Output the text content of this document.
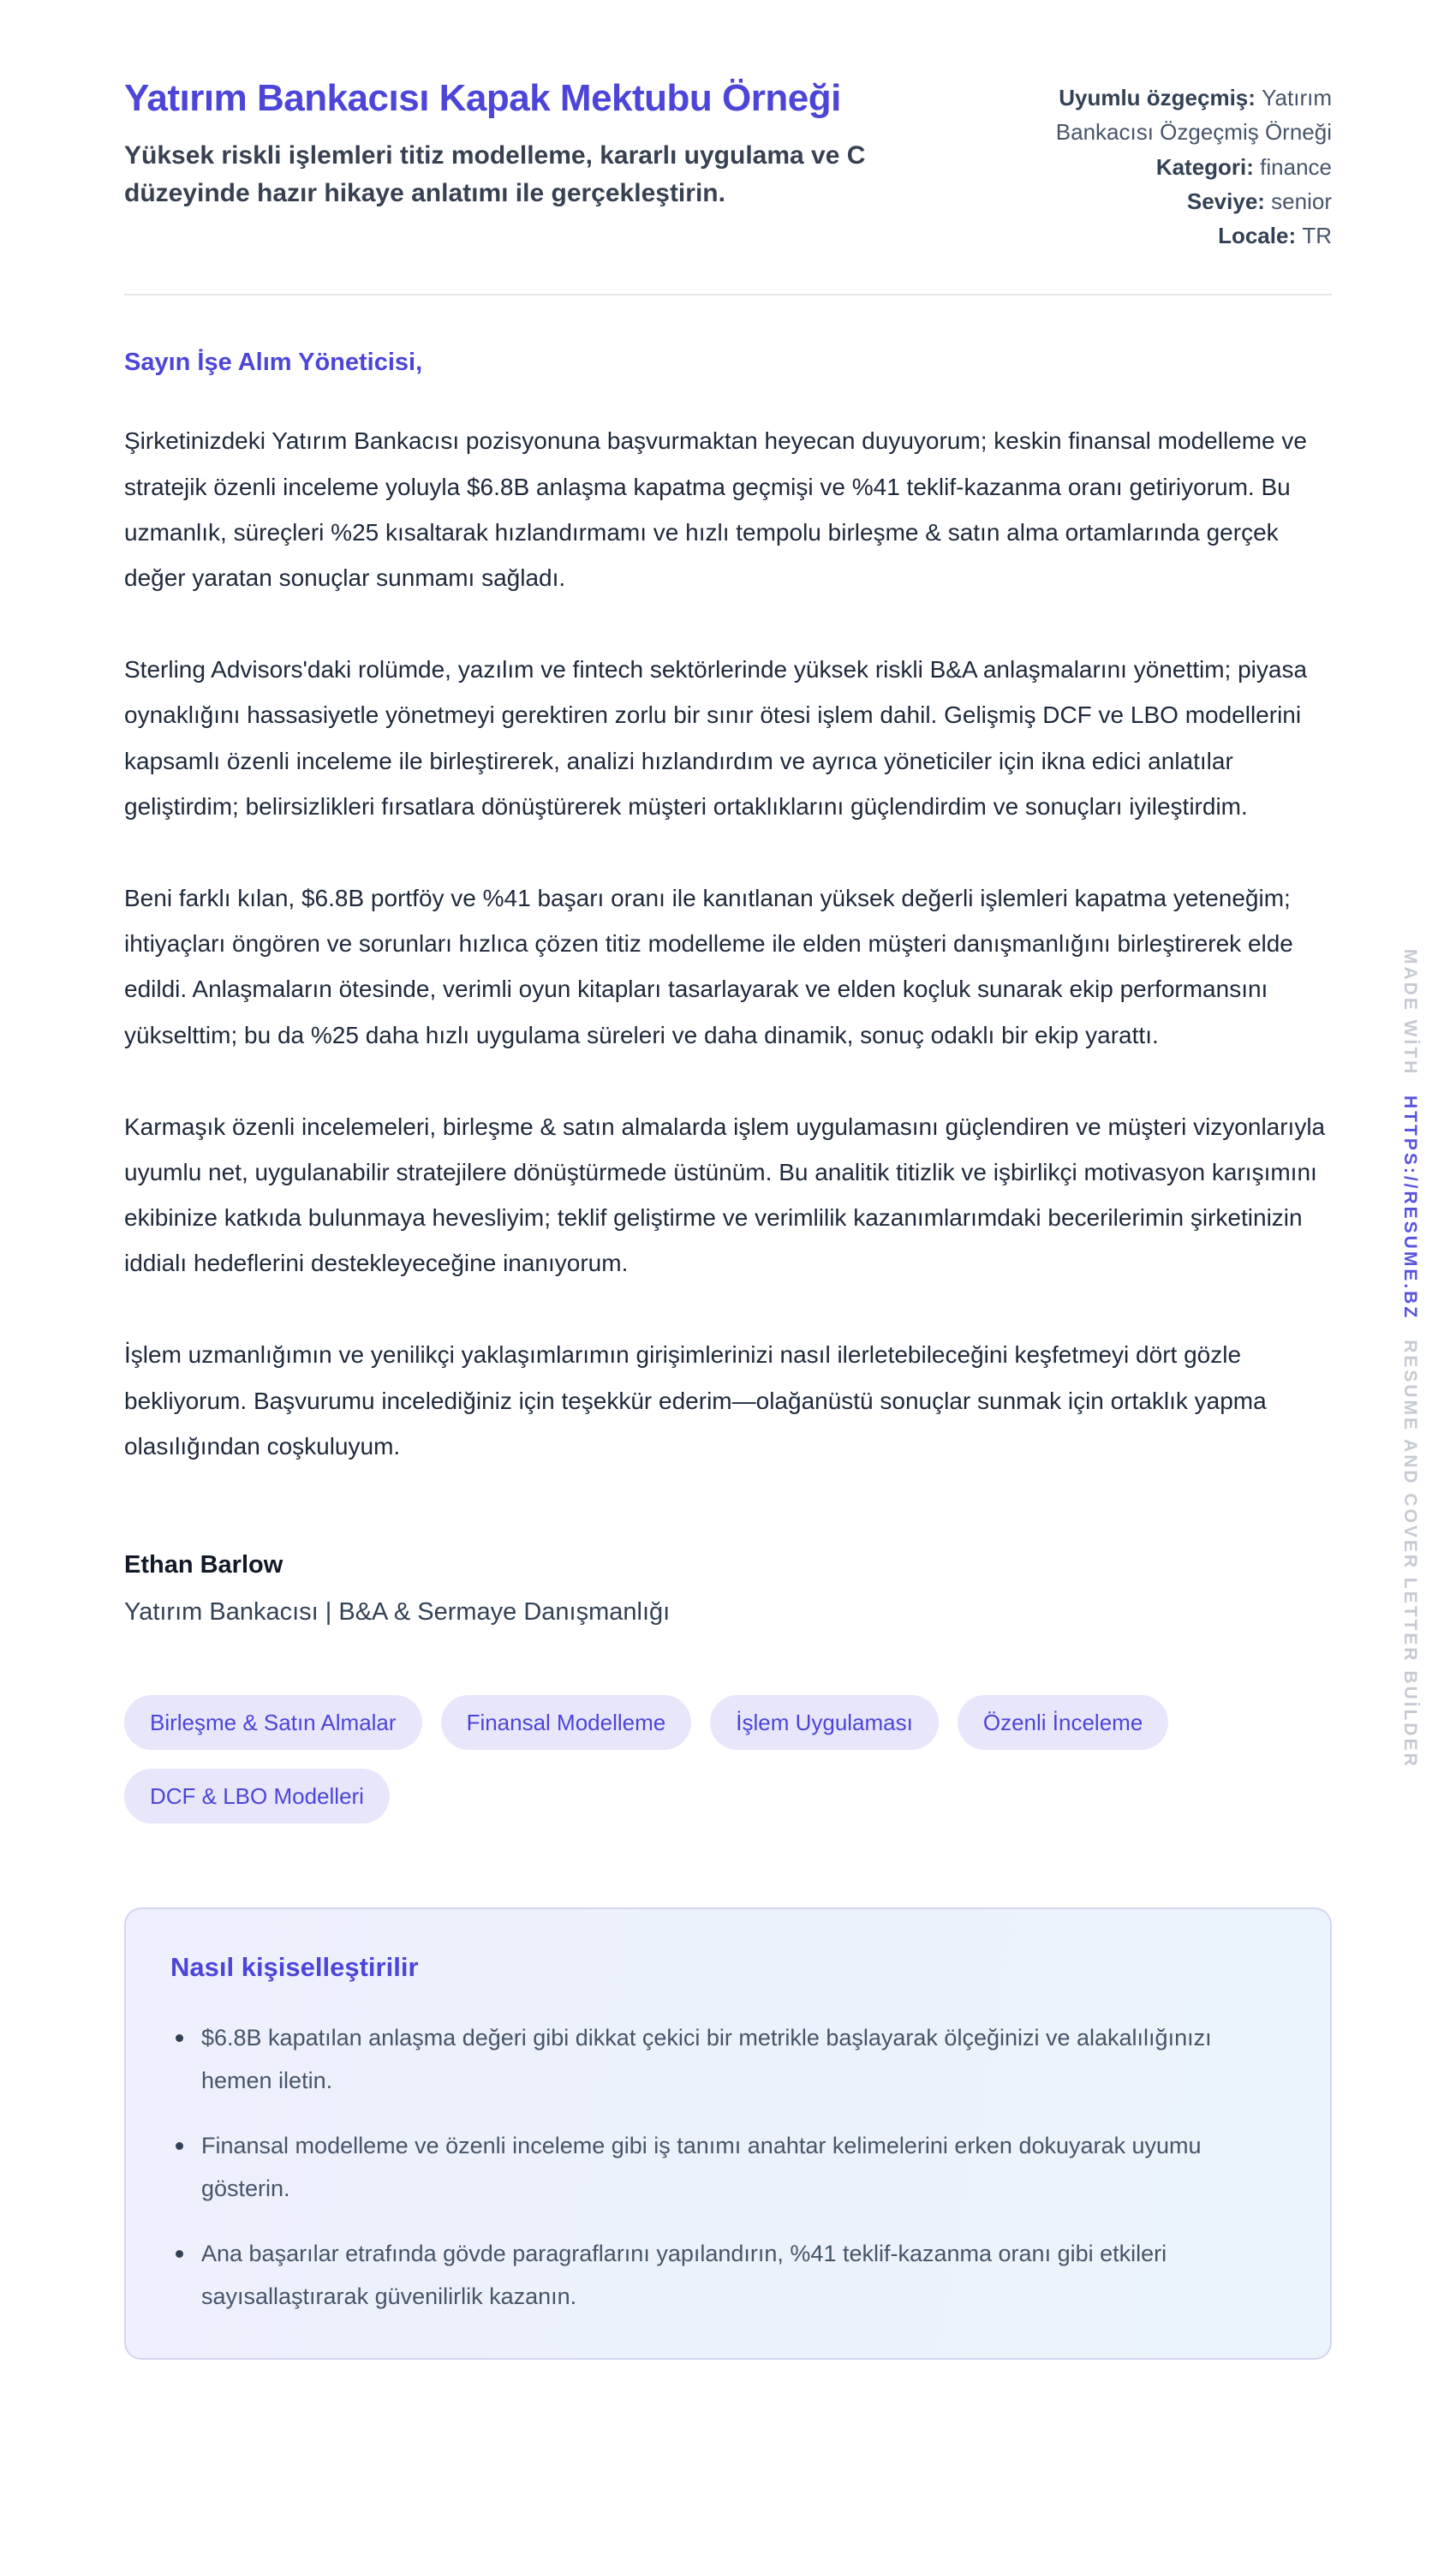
Yatırım Bankacısı Kapak Mektubu Örneği

Yüksek riskli işlemleri titiz modelleme, kararlı uygulama ve C düzeyinde hazır hikaye anlatımı ile gerçekleştirin.

Uyumlu özgeçmiş: Yatırım Bankacısı Özgeçmiş Örneği
Kategori: finance
Seviye: senior
Locale: TR

Sayın İşe Alım Yöneticisi,

Şirketinizdeki Yatırım Bankacısı pozisyonuna başvurmaktan heyecan duyuyorum; keskin finansal modelleme ve stratejik özenli inceleme yoluyla $6.8B anlaşma kapatma geçmişi ve %41 teklif-kazanma oranı getiriyorum. Bu uzmanlık, süreçleri %25 kısaltarak hızlandırmamı ve hızlı tempolu birleşme & satın alma ortamlarında gerçek değer yaratan sonuçlar sunmamı sağladı.

Sterling Advisors'daki rolümde, yazılım ve fintech sektörlerinde yüksek riskli B&A anlaşmalarını yönettim; piyasa oynaklığını hassasiyetle yönetmeyi gerektiren zorlu bir sınır ötesi işlem dahil. Gelişmiş DCF ve LBO modellerini kapsamlı özenli inceleme ile birleştirerek, analizi hızlandırdım ve ayrıca yöneticiler için ikna edici anlatılar geliştirdim; belirsizlikleri fırsatlara dönüştürerek müşteri ortaklıklarını güçlendirdim ve sonuçları iyileştirdim.

Beni farklı kılan, $6.8B portföy ve %41 başarı oranı ile kanıtlanan yüksek değerli işlemleri kapatma yeteneğim; ihtiyaçları öngören ve sorunları hızlıca çözen titiz modelleme ile elden müşteri danışmanlığını birleştirerek elde edildi. Anlaşmaların ötesinde, verimli oyun kitapları tasarlayarak ve elden koçluk sunarak ekip performansını yükselttim; bu da %25 daha hızlı uygulama süreleri ve daha dinamik, sonuç odaklı bir ekip yarattı.

Karmaşık özenli incelemeleri, birleşme & satın almalarda işlem uygulamasını güçlendiren ve müşteri vizyonlarıyla uyumlu net, uygulanabilir stratejilere dönüştürmede üstünüm. Bu analitik titizlik ve işbirlikçi motivasyon karışımını ekibinize katkıda bulunmaya hevesliyim; teklif geliştirme ve verimlilik kazanımlarımdaki becerilerimin şirketinizin iddialı hedeflerini destekleyeceğine inanıyorum.

İşlem uzmanlığımın ve yenilikçi yaklaşımlarımın girişimlerinizi nasıl ilerletebileceğini keşfetmeyi dört gözle bekliyorum. Başvurumu incelediğiniz için teşekkür ederim—olağanüstü sonuçlar sunmak için ortaklık yapma olasılığından coşkuluyum.

Ethan Barlow

Yatırım Bankacısı | B&A & Sermaye Danışmanlığı

Birleşme & Satın Almalar	Finansal Modelleme	İşlem Uygulaması	Özenli İnceleme
DCF & LBO Modelleri
Nasıl kişiselleştirilir
$6.8B kapatılan anlaşma değeri gibi dikkat çekici bir metrikle başlayarak ölçeğinizi ve alakalılığınızı hemen iletin.
Finansal modelleme ve özenli inceleme gibi iş tanımı anahtar kelimelerini erken dokuyarak uyumu gösterin.
Ana başarılar etrafında gövde paragraflarını yapılandırın, %41 teklif-kazanma oranı gibi etkileri sayısallaştırarak güvenilirlik kazanın.
MADE WİTH HTTPS://RESUME.BZ RESUME AND COVER LETTER BUİLDER
